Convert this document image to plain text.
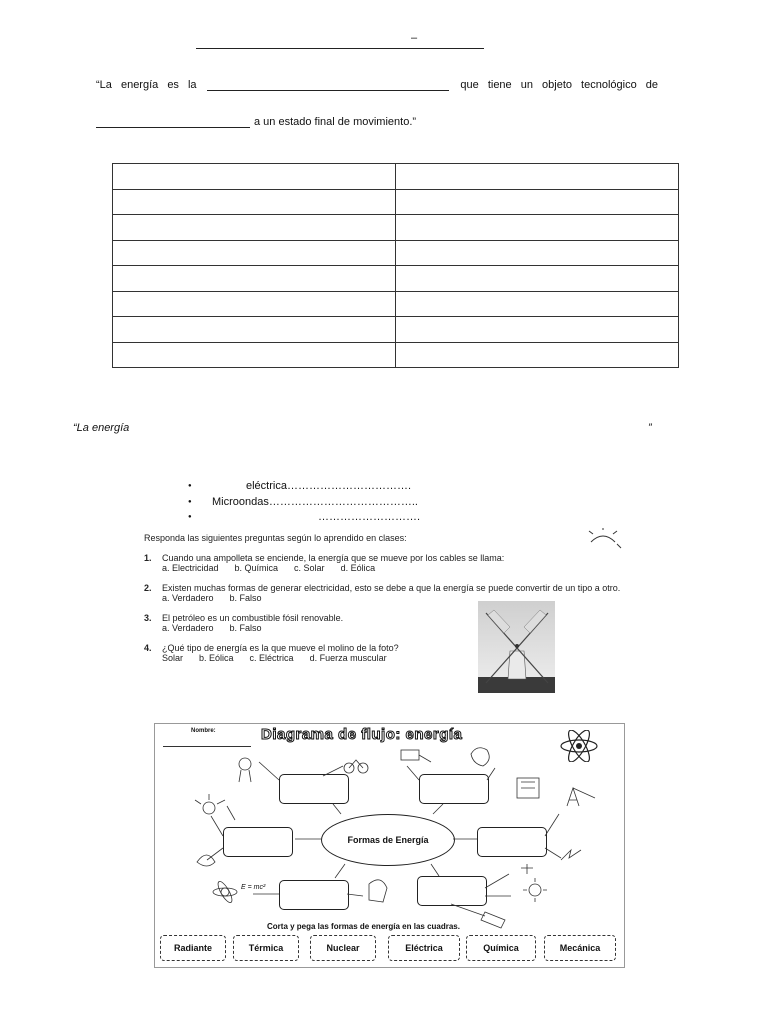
–
“La energía es la	que tiene un objeto tecnológico de
a un estado final de movimiento.”

“La energía	”
● eléctrica…………………………….
● Microondas…………………………………..
● ……………………….
Responda las siguientes preguntas según lo aprendido en clases:
1. Cuando una ampolleta se enciende, la energía que se mueve por los cables se llama:
a. Electricidad b. Química c. Solar d. Eólica
2.	Existen muchas formas de generar electricidad, esto se debe a que la energía se puede convertir de un tipo a otro.
a. Verdadero b. Falso
3. El petróleo es un combustible fósil renovable.
a. Verdadero b. Falso
4. ¿Qué tipo de energía es la que mueve el molino de la foto?
Solar b. Eólica c. Eléctrica d. Fuerza muscular
Nombre:	Diagrama de flujo: energía
Formas de Energía
E = mc²
Corta y pega las formas de energía en las cuadras.
Radiante	Térmica	Nuclear	Eléctrica	Química	Mecánica
